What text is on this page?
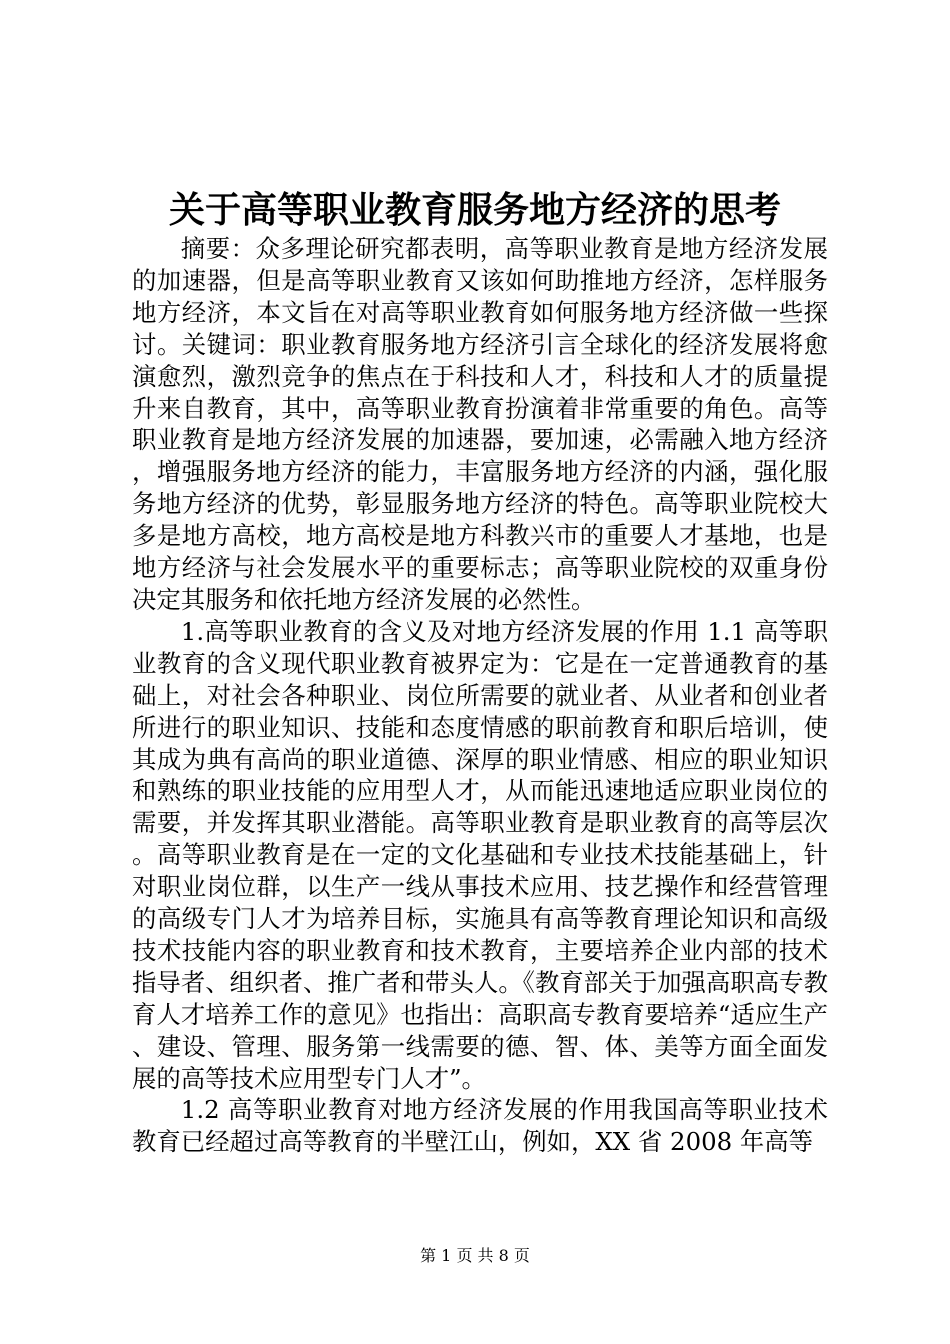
关于高等职业教育服务地方经济的思考

摘要：众多理论研究都表明，高等职业教育是地方经济发展的加速器，但是高等职业教育又该如何助推地方经济，怎样服务地方经济，本文旨在对高等职业教育如何服务地方经济做一些探讨。关键词：职业教育服务地方经济引言全球化的经济发展将愈演愈烈，激烈竞争的焦点在于科技和人才，科技和人才的质量提升来自教育，其中，高等职业教育扮演着非常重要的角色。高等职业教育是地方经济发展的加速器，要加速，必需融入地方经济，增强服务地方经济的能力，丰富服务地方经济的内涵，强化服务地方经济的优势，彰显服务地方经济的特色。高等职业院校大多是地方高校，地方高校是地方科教兴市的重要人才基地，也是地方经济与社会发展水平的重要标志；高等职业院校的双重身份决定其服务和依托地方经济发展的必然性。

1.高等职业教育的含义及对地方经济发展的作用 1.1 高等职业教育的含义现代职业教育被界定为：它是在一定普通教育的基础上，对社会各种职业、岗位所需要的就业者、从业者和创业者所进行的职业知识、技能和态度情感的职前教育和职后培训，使其成为典有高尚的职业道德、深厚的职业情感、相应的职业知识和熟练的职业技能的应用型人才，从而能迅速地适应职业岗位的需要，并发挥其职业潜能。高等职业教育是职业教育的高等层次。高等职业教育是在一定的文化基础和专业技术技能基础上，针对职业岗位群，以生产一线从事技术应用、技艺操作和经营管理的高级专门人才为培养目标，实施具有高等教育理论知识和高级技术技能内容的职业教育和技术教育，主要培养企业内部的技术指导者、组织者、推广者和带头人。《教育部关于加强高职高专教育人才培养工作的意见》也指出：高职高专教育要培养“适应生产、建设、管理、服务第一线需要的德、智、体、美等方面全面发展的高等技术应用型专门人才”。

1.2 高等职业教育对地方经济发展的作用我国高等职业技术教育已经超过高等教育的半壁江山，例如，XX 省 2008 年高等

第 1 页 共 8 页
